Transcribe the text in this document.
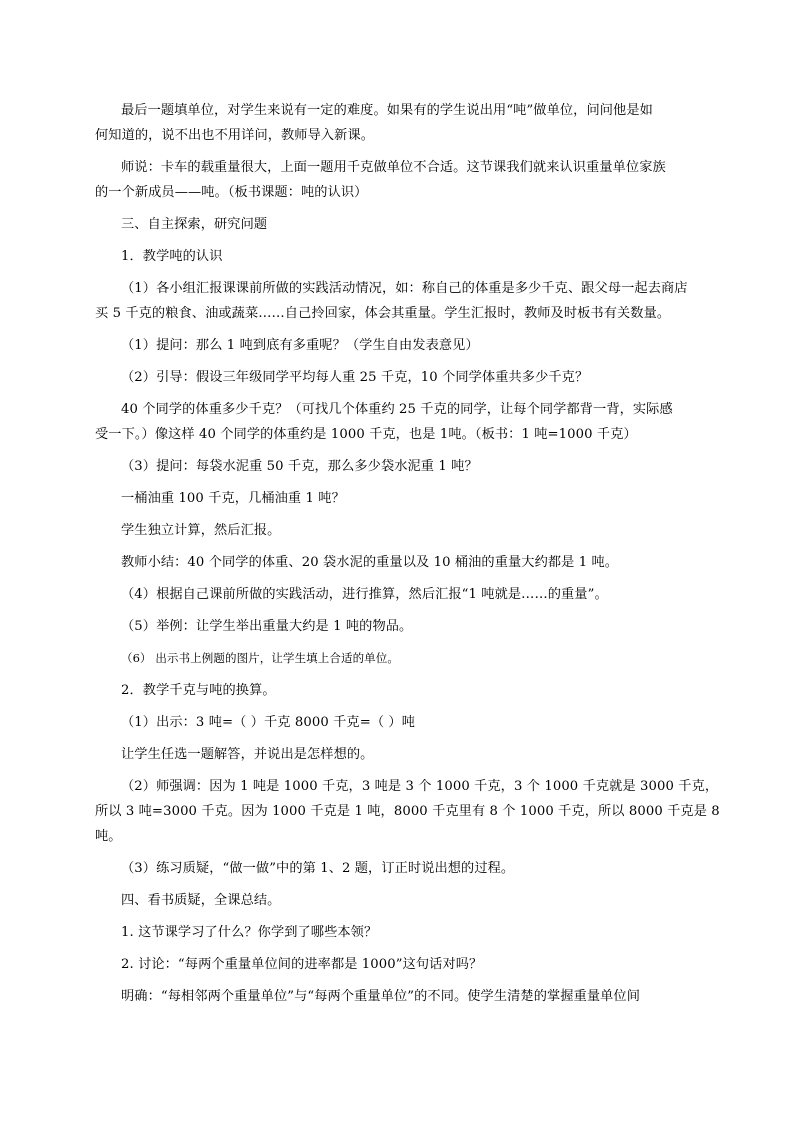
最后一题填单位，对学生来说有一定的难度。如果有的学生说出用“吨”做单位，问问他是如
何知道的，说不出也不用详问，教师导入新课。
师说：卡车的载重量很大，上面一题用千克做单位不合适。这节课我们就来认识重量单位家族
的一个新成员——吨。（板书课题：吨的认识）
三、自主探索，研究问题
1．教学吨的认识
（1）各小组汇报课课前所做的实践活动情况，如：称自己的体重是多少千克、跟父母一起去商店
买 5 千克的粮食、油或蔬菜……自己拎回家，体会其重量。学生汇报时，教师及时板书有关数量。
（1）提问：那么 1 吨到底有多重呢？（学生自由发表意见）
（2）引导：假设三年级同学平均每人重 25 千克，10 个同学体重共多少千克？
40 个同学的体重多少千克？（可找几个体重约 25 千克的同学，让每个同学都背一背，实际感
受一下。）像这样 40 个同学的体重约是 1000 千克，也是 1吨。（板书：1 吨=1000 千克）
（3）提问：每袋水泥重 50 千克，那么多少袋水泥重 1 吨？
一桶油重 100 千克，几桶油重 1 吨？
学生独立计算，然后汇报。
教师小结：40 个同学的体重、20 袋水泥的重量以及 10 桶油的重量大约都是 1 吨。
（4）根据自己课前所做的实践活动，进行推算，然后汇报“1 吨就是……的重量”。
（5）举例：让学生举出重量大约是 1 吨的物品。
（6） 出示书上例题的图片，让学生填上合适的单位。
2．教学千克与吨的换算。
（1）出示：3 吨=（ ）千克 8000 千克=（ ）吨
让学生任选一题解答，并说出是怎样想的。
（2）师强调：因为 1 吨是 1000 千克，3 吨是 3 个 1000 千克，3 个 1000 千克就是 3000 千克，
所以 3 吨=3000 千克。因为 1000 千克是 1 吨，8000 千克里有 8 个 1000 千克，所以 8000 千克是 8
吨。
（3）练习质疑，“做一做”中的第 1、2 题，订正时说出想的过程。
四、看书质疑，全课总结。
1. 这节课学习了什么？你学到了哪些本领？
2. 讨论：“每两个重量单位间的进率都是 1000”这句话对吗？
明确：“每相邻两个重量单位”与“每两个重量单位”的不同。使学生清楚的掌握重量单位间
